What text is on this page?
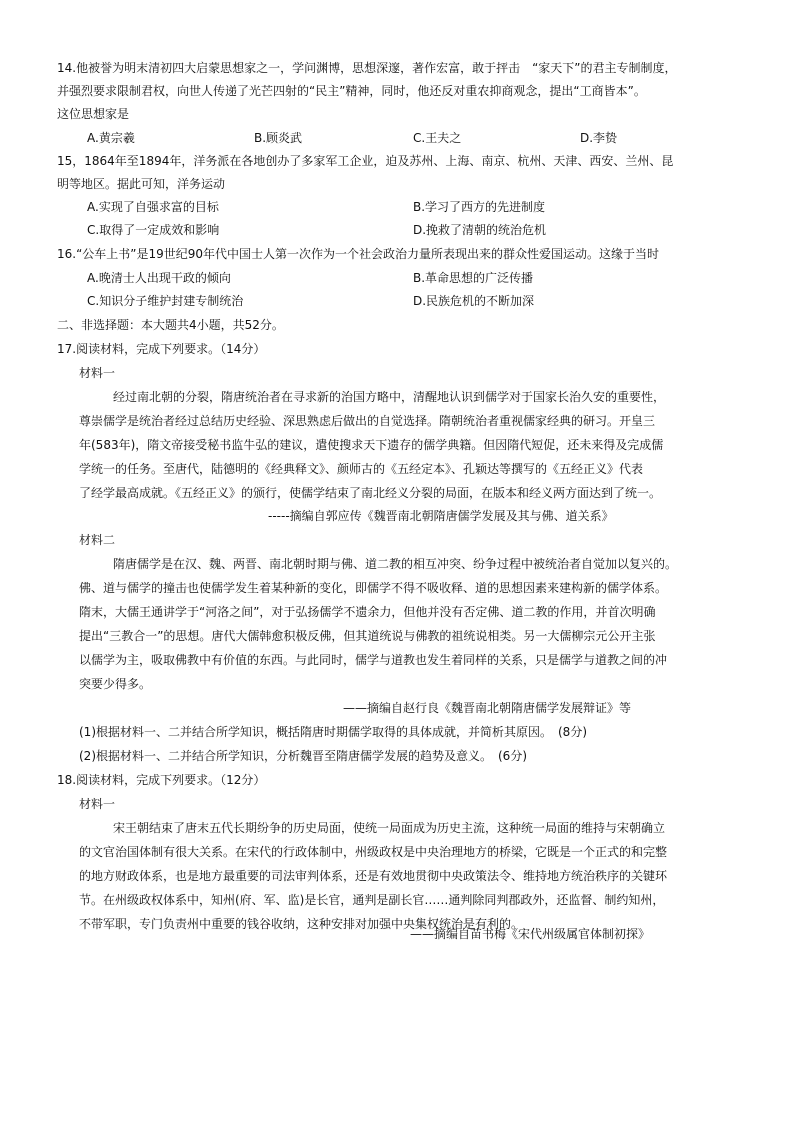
14.他被誉为明末清初四大启蒙思想家之一，学问渊博，思想深邃，著作宏富，敢于抨击　“家天下”的君主专制制度，
并强烈要求限制君权，向世人传递了光芒四射的“民主”精神，同时，他还反对重农抑商观念，提出“工商皆本”。
这位思想家是
A.黄宗羲	B.顾炎武	C.王夫之	D.李贽
15，1864年至1894年，洋务派在各地创办了多家军工企业，迫及苏州、上海、南京、杭州、天津、西安、兰州、昆
明等地区。据此可知，洋务运动
A.实现了自强求富的目标	B.学习了西方的先进制度
C.取得了一定成效和影响	D.挽救了清朝的统治危机
16.“公车上书”是19世纪90年代中国士人第一次作为一个社会政治力量所表现出来的群众性爱国运动。这缘于当时
A.晚清士人出现干政的倾向	B.革命思想的广泛传播
C.知识分子维护封建专制统治	D.民族危机的不断加深
二、非选择题：本大题共4小题，共52分。
17.阅读材料，完成下列要求。（14分）
材料一
经过南北朝的分裂，隋唐统治者在寻求新的治国方略中，清醒地认识到儒学对于国家长治久安的重要性，
尊崇儒学是统治者经过总结历史经验、深思熟虑后做出的自觉选择。隋朝统治者重视儒家经典的研习。开皇三
年(583年)，隋文帝接受秘书监牛弘的建议，遣使搜求天下遗存的儒学典籍。但因隋代短促，还未来得及完成儒
学统一的任务。至唐代，陆德明的《经典释文》、颜师古的《五经定本》、孔颖达等撰写的《五经正义》代表
了经学最高成就。《五经正义》的颁行，使儒学结束了南北经义分裂的局面，在版本和经义两方面达到了统一。
-----摘编自郭应传《魏晋南北朝隋唐儒学发展及其与佛、道关系》
材料二
隋唐儒学是在汉、魏、两晋、南北朝时期与佛、道二教的相互冲突、纷争过程中被统治者自觉加以复兴的。
佛、道与儒学的撞击也使儒学发生着某种新的变化，即儒学不得不吸收释、道的思想因素来建构新的儒学体系。
隋末，大儒王通讲学于“河洛之间”，对于弘扬儒学不遗余力，但他并没有否定佛、道二教的作用，并首次明确
提出“三教合一”的思想。唐代大儒韩愈积极反佛，但其道统说与佛教的祖统说相类。另一大儒柳宗元公开主张
以儒学为主，吸取佛教中有价值的东西。与此同时，儒学与道教也发生着同样的关系，只是儒学与道教之间的冲
突要少得多。
——摘编自赵行良《魏晋南北朝隋唐儒学发展辩证》等
(1)根据材料一、二并结合所学知识，概括隋唐时期儒学取得的具体成就，并简析其原因。　(8分)
(2)根据材料一、二并结合所学知识，分析魏晋至隋唐儒学发展的趋势及意义。　(6分)
18.阅读材料，完成下列要求。（12分）
材料一
宋王朝结束了唐末五代长期纷争的历史局面，使统一局面成为历史主流，这种统一局面的维持与宋朝确立
的文官治国体制有很大关系。在宋代的行政体制中，州级政权是中央治理地方的桥梁，它既是一个正式的和完整
的地方财政体系，也是地方最重要的司法审判体系，还是有效地贯彻中央政策法令、维持地方统治秩序的关键环
节。在州级政权体系中，知州(府、军、监)是长官，通判是副长官……通判除同判郡政外，还监督、制约知州，
不带军职，专门负责州中重要的钱谷收纳，这种安排对加强中央集权统治是有利的。
——摘编自苗书梅《宋代州级属官体制初探》
